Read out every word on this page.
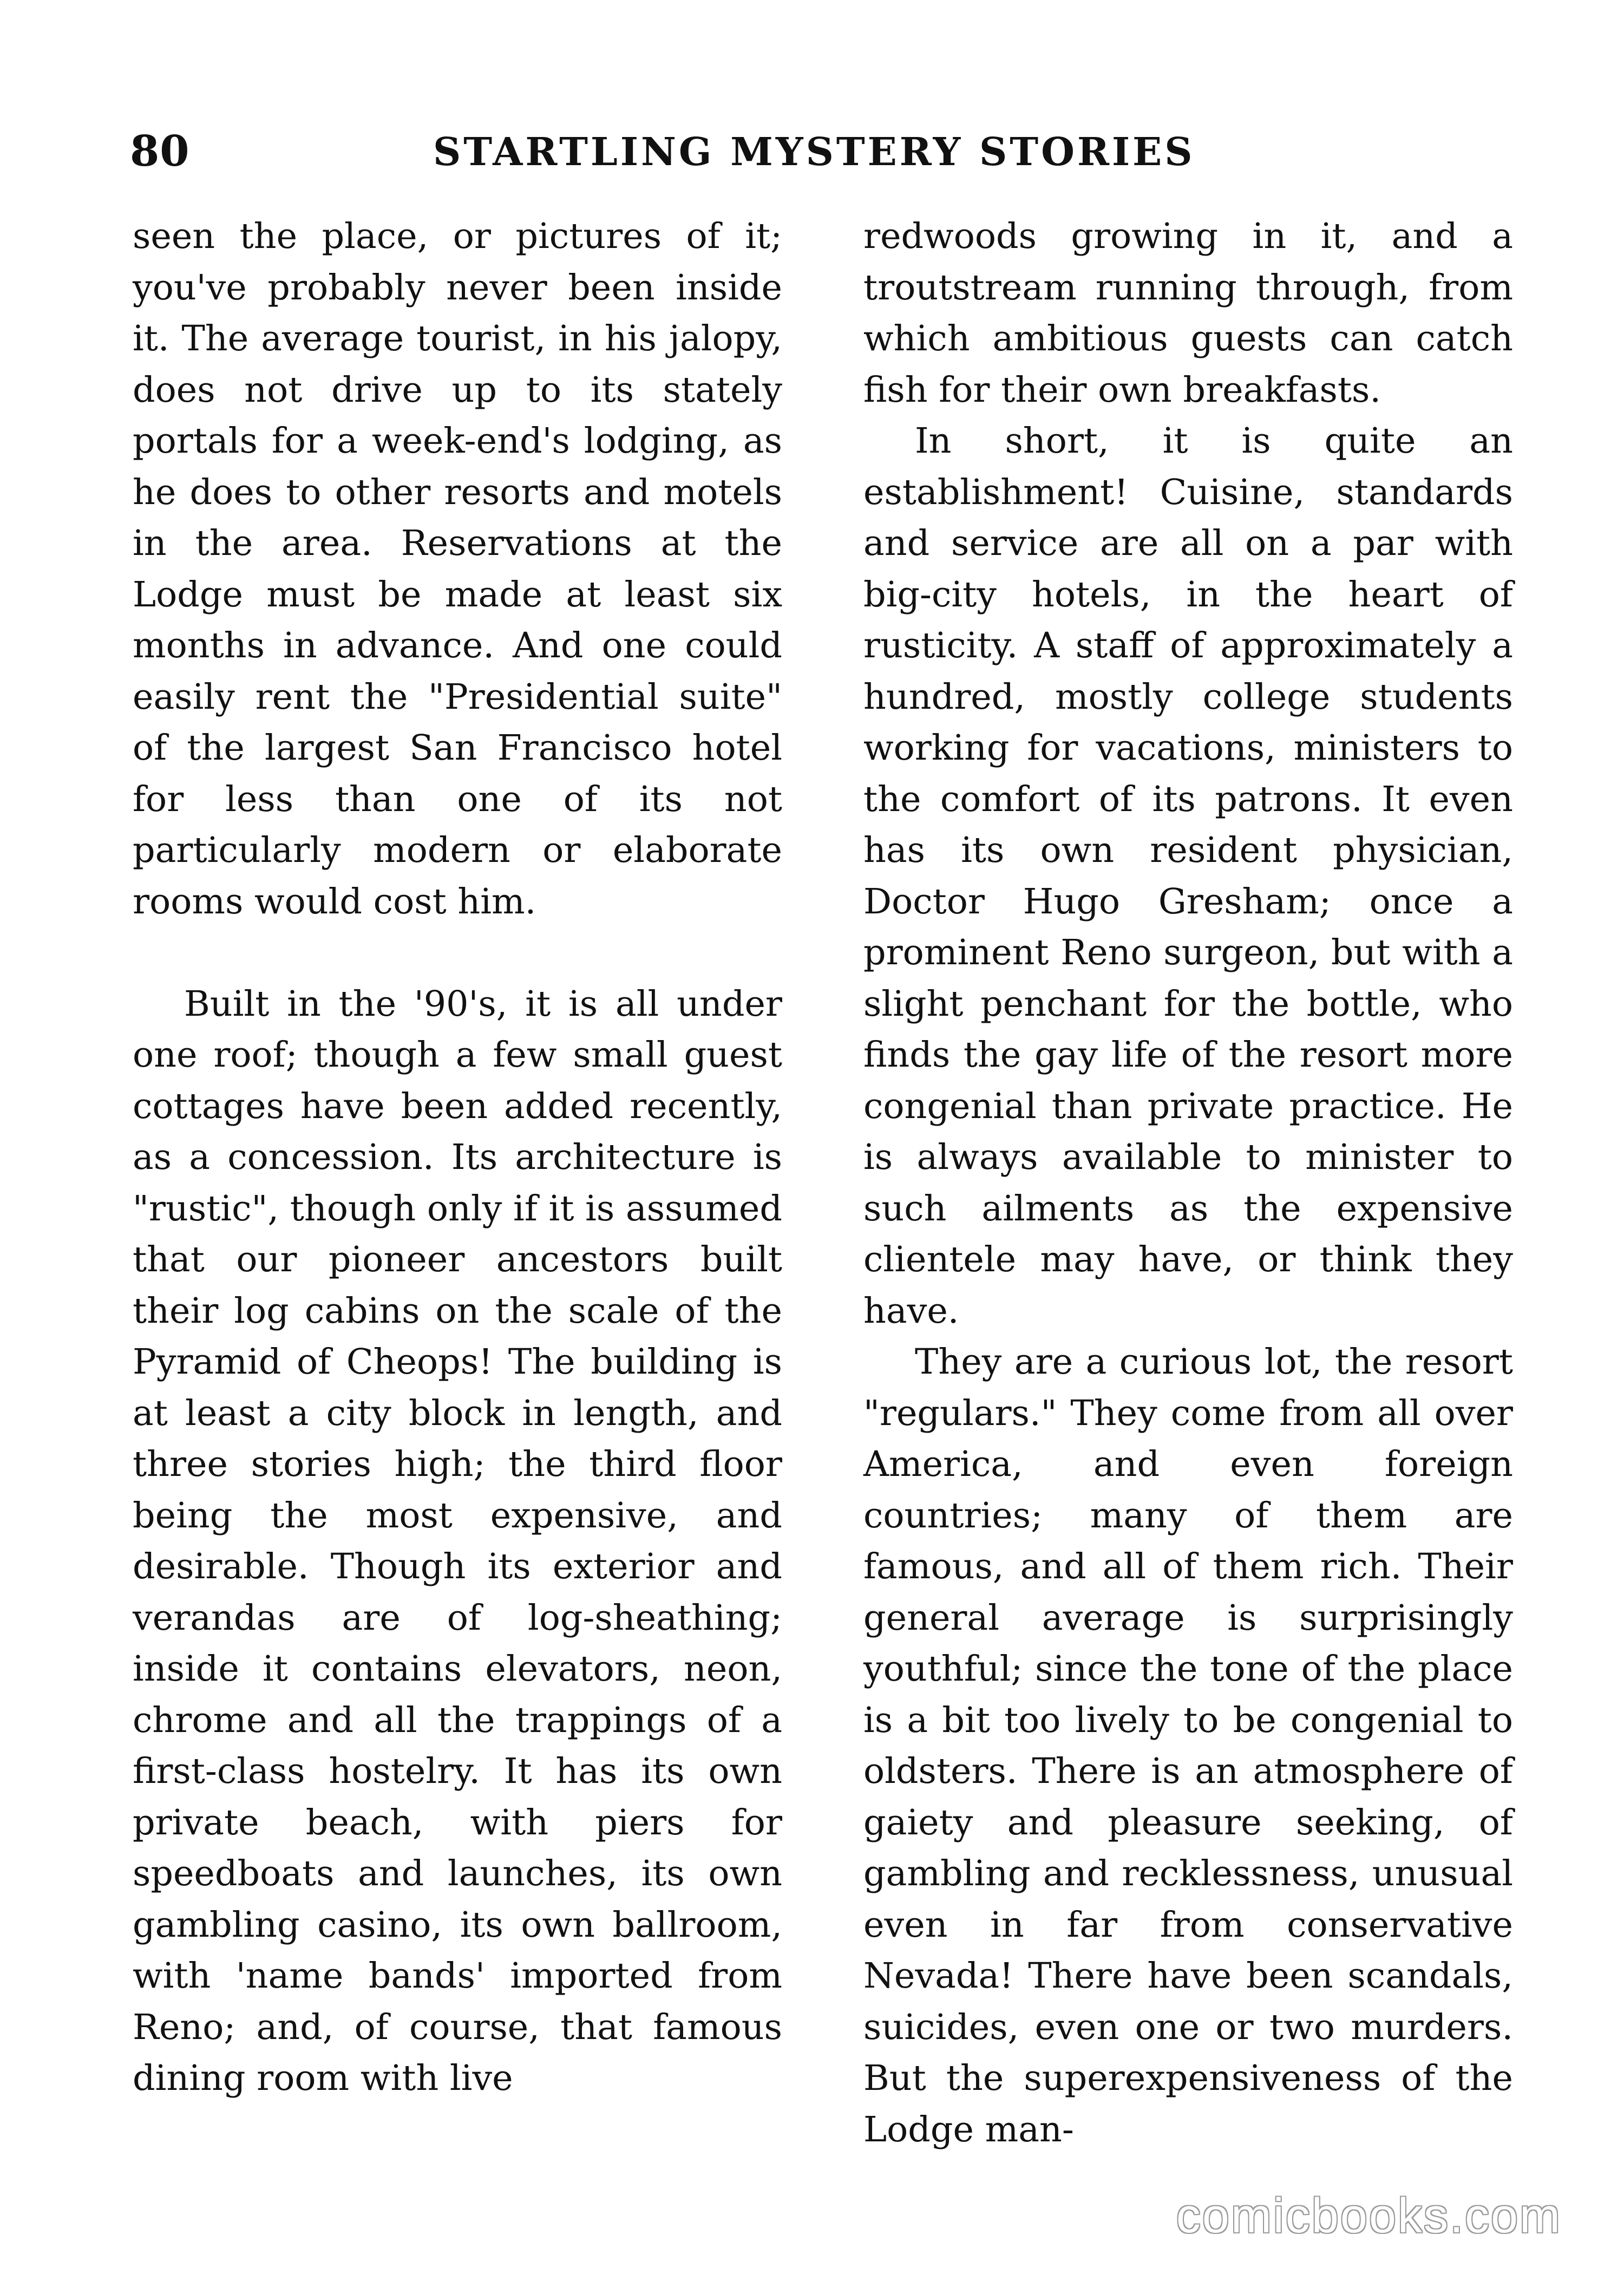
80	STARTLING MYSTERY STORIES

seen the place, or pictures of it; you've probably never been inside it. The average tourist, in his jalopy, does not drive up to its stately portals for a week-end's lodging, as he does to other resorts and motels in the area. Reservations at the Lodge must be made at least six months in advance. And one could easily rent the "Presidential suite" of the largest San Francisco hotel for less than one of its not particularly modern or elaborate rooms would cost him.

Built in the '90's, it is all under one roof; though a few small guest cottages have been added recently, as a concession. Its architecture is "rustic", though only if it is assumed that our pioneer ancestors built their log cabins on the scale of the Pyramid of Cheops! The building is at least a city block in length, and three stories high; the third floor being the most expensive, and desirable. Though its exterior and verandas are of log-sheathing; inside it contains elevators, neon, chrome and all the trappings of a first-class hostelry. It has its own private beach, with piers for speedboats and launches, its own gambling casino, its own ballroom, with 'name bands' imported from Reno; and, of course, that famous dining room with live

redwoods growing in it, and a troutstream running through, from which ambitious guests can catch fish for their own breakfasts.

In short, it is quite an establishment! Cuisine, standards and service are all on a par with big-city hotels, in the heart of rusticity. A staff of approximately a hundred, mostly college students working for vacations, ministers to the comfort of its patrons. It even has its own resident physician, Doctor Hugo Gresham; once a prominent Reno surgeon, but with a slight penchant for the bottle, who finds the gay life of the resort more congenial than private practice. He is always available to minister to such ailments as the expensive clientele may have, or think they have.

They are a curious lot, the resort "regulars." They come from all over America, and even foreign countries; many of them are famous, and all of them rich. Their general average is surprisingly youthful; since the tone of the place is a bit too lively to be congenial to oldsters. There is an atmosphere of gaiety and pleasure seeking, of gambling and recklessness, unusual even in far from conservative Nevada! There have been scandals, suicides, even one or two murders. But the superexpensiveness of the Lodge man-

comicbooks.com
